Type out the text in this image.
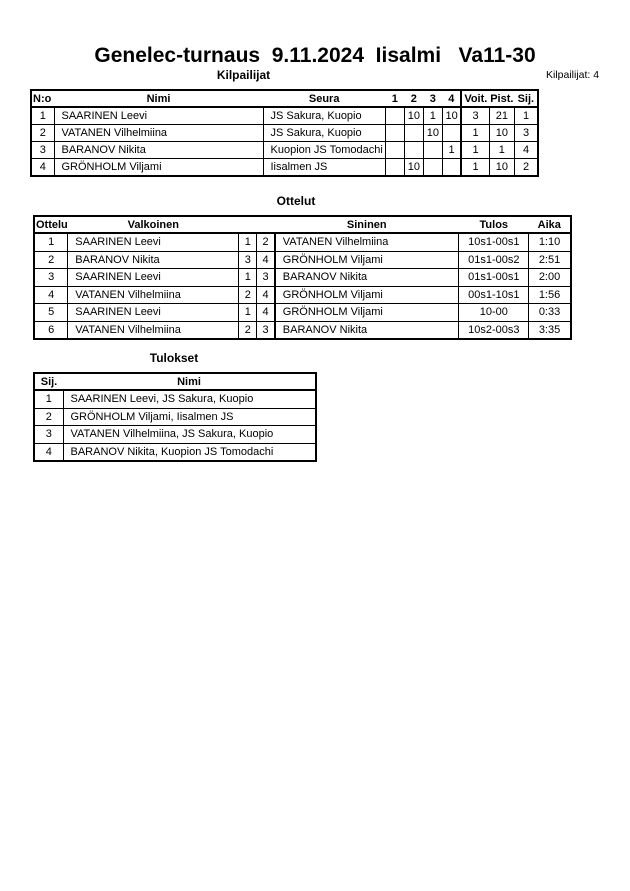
Genelec-turnaus  9.11.2024  Iisalmi   Va11-30
Kilpailijat	Kilpailijat: 4
N:o	Nimi	Seura	1	2	3	4	Voit.	Pist.	Sij.
1	SAARINEN Leevi	JS Sakura, Kuopio		10	1	10	3	21	1
2	VATANEN Vilhelmiina	JS Sakura, Kuopio			10		1	10	3
3	BARANOV Nikita	Kuopion JS Tomodachi				1	1	1	4
4	GRÖNHOLM Viljami	Iisalmen JS		10			1	10	2
Ottelut
Ottelu	Valkoinen			Sininen	Tulos	Aika
1	SAARINEN Leevi	1	2	VATANEN Vilhelmiina	10s1-00s1	1:10
2	BARANOV Nikita	3	4	GRÖNHOLM Viljami	01s1-00s2	2:51
3	SAARINEN Leevi	1	3	BARANOV Nikita	01s1-00s1	2:00
4	VATANEN Vilhelmiina	2	4	GRÖNHOLM Viljami	00s1-10s1	1:56
5	SAARINEN Leevi	1	4	GRÖNHOLM Viljami	10-00	0:33
6	VATANEN Vilhelmiina	2	3	BARANOV Nikita	10s2-00s3	3:35
Tulokset
Sij.	Nimi
1	SAARINEN Leevi, JS Sakura, Kuopio
2	GRÖNHOLM Viljami, Iisalmen JS
3	VATANEN Vilhelmiina, JS Sakura, Kuopio
4	BARANOV Nikita, Kuopion JS Tomodachi
